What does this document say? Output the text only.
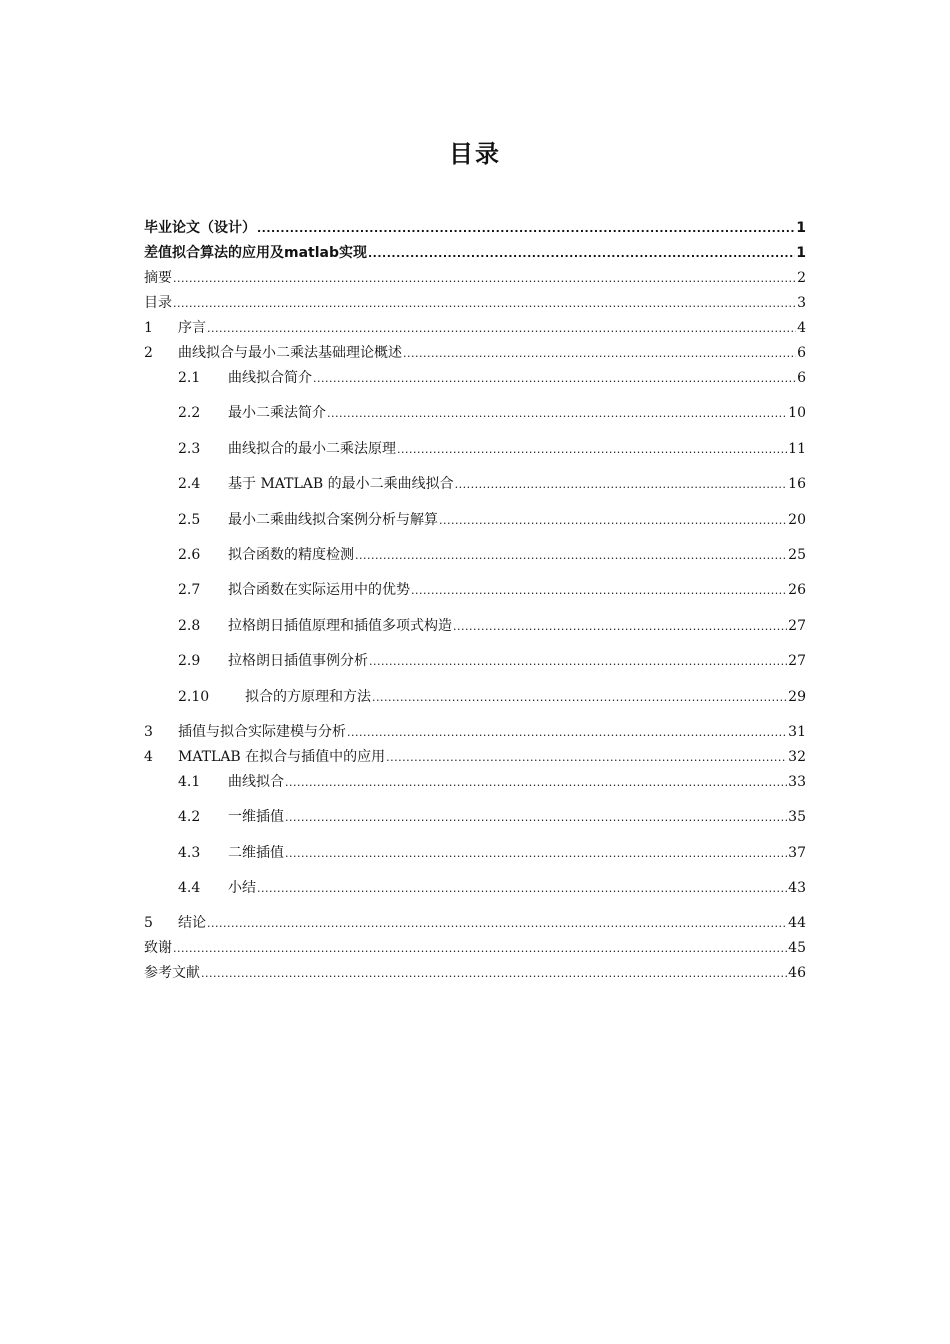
目录
毕业论文（设计） .....	1
差值拟合算法的应用及matlab实现 .....	1
摘要 .....	2
目录 .....	3
1	序言 .....	4
2	曲线拟合与最小二乘法基础理论概述 .....	6
2.1	曲线拟合简介 .....	6
2.2	最小二乘法简介 .....	10
2.3	曲线拟合的最小二乘法原理 .....	11
2.4	基于 MATLAB 的最小二乘曲线拟合 .....	16
2.5	最小二乘曲线拟合案例分析与解算 .....	20
2.6	拟合函数的精度检测 .....	25
2.7	拟合函数在实际运用中的优势 .....	26
2.8	拉格朗日插值原理和插值多项式构造 .....	27
2.9	拉格朗日插值事例分析 .....	27
2.10	拟合的方原理和方法 .....	29
3	插值与拟合实际建模与分析 .....	31
4	MATLAB 在拟合与插值中的应用 .....	32
4.1	曲线拟合 .....	33
4.2	一维插值 .....	35
4.3	二维插值 .....	37
4.4	小结 .....	43
5	结论 .....	44
致谢 .....	45
参考文献 .....	46
